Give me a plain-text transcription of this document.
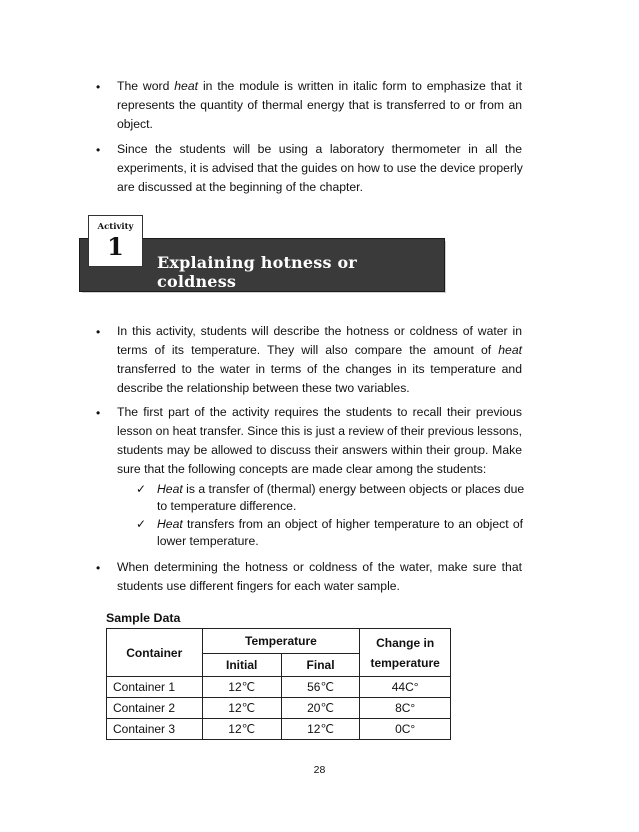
• The word heat in the module is written in italic form to emphasize that it
represents the quantity of thermal energy that is transferred to or from an
object.
• Since the students will be using a laboratory thermometer in all the
experiments, it is advised that the guides on how to use the device properly
are discussed at the beginning of the chapter.
Explaining hotness or coldness
Activity
1
• In this activity, students will describe the hotness or coldness of water in
terms of its temperature. They will also compare the amount of heat
transferred to the water in terms of the changes in its temperature and
describe the relationship between these two variables.
• The first part of the activity requires the students to recall their previous
lesson on heat transfer. Since this is just a review of their previous lessons,
students may be allowed to discuss their answers within their group. Make
sure that the following concepts are made clear among the students:
✓ Heat is a transfer of (thermal) energy between objects or places due
to temperature difference.
✓ Heat transfers from an object of higher temperature to an object of
lower temperature.
• When determining the hotness or coldness of the water, make sure that
students use different fingers for each water sample.
Sample Data
Container	Temperature		Change in
temperature

	Initial	Final	
Container 1	12℃	56℃	44C°
Container 2	12℃	20℃	8C°
Container 3	12℃	12℃	0C°
28
